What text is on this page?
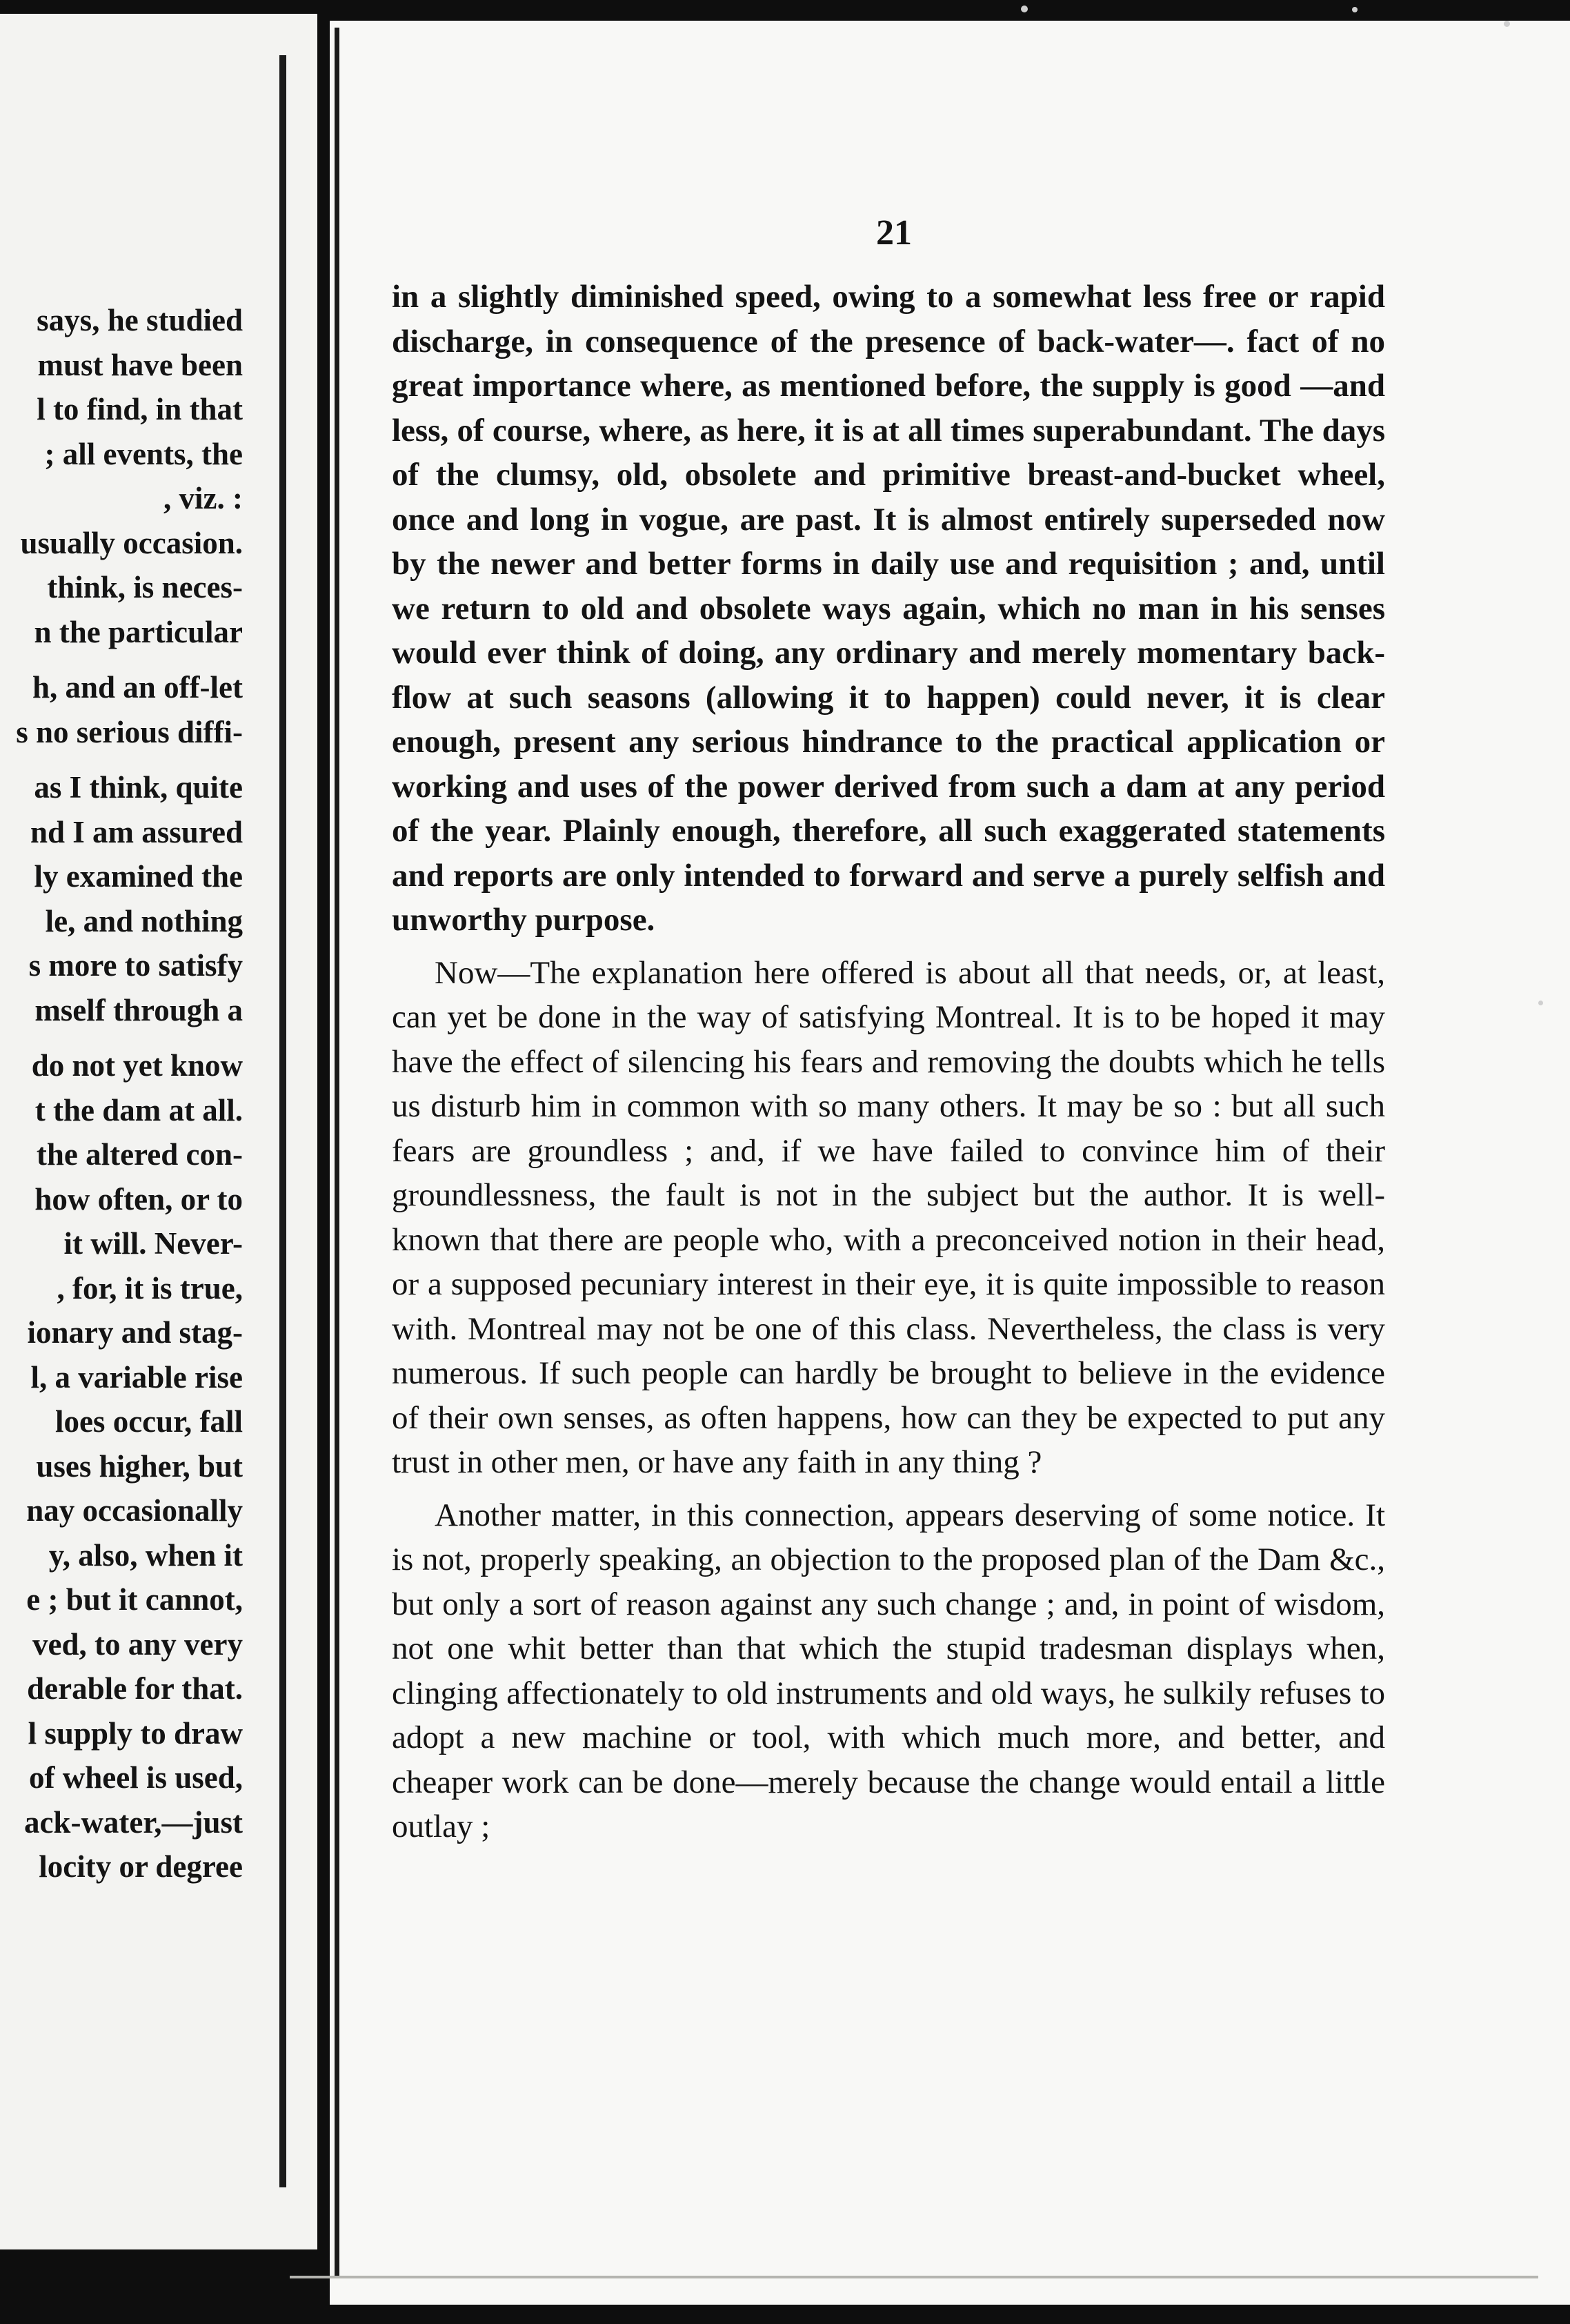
says, he studied
must have been
l to find, in that
; all events, the
, viz. :
usually occasion.
think, is neces-
n the particular
h, and an off-let
s no serious diffi-
as I think, quite
nd I am assured
ly examined the
le, and nothing
s more to satisfy
mself through a
do not yet know
t the dam at all.
the altered con-
how often, or to
it will. Never-
, for, it is true,
ionary and stag-
l, a variable rise
loes occur, fall
uses higher, but
nay occasionally
y, also, when it
e ; but it cannot,
ved, to any very
derable for that.
l supply to draw
of wheel is used,
ack-water,—just
locity or degree
21

in a slightly diminished speed, owing to a somewhat less free or rapid discharge, in consequence of the presence of back-water—. fact of no great importance where, as mentioned before, the supply is good —and less, of course, where, as here, it is at all times superabundant. The days of the clumsy, old, obsolete and primitive breast-and-bucket wheel, once and long in vogue, are past. It is almost entirely superseded now by the newer and better forms in daily use and requisition ; and, until we return to old and obsolete ways again, which no man in his senses would ever think of doing, any ordinary and merely momentary back-flow at such seasons (allowing it to happen) could never, it is clear enough, present any serious hindrance to the practical application or working and uses of the power derived from such a dam at any period of the year. Plainly enough, therefore, all such exaggerated statements and reports are only intended to forward and serve a purely selfish and unworthy purpose.

Now—The explanation here offered is about all that needs, or, at least, can yet be done in the way of satisfying Montreal. It is to be hoped it may have the effect of silencing his fears and removing the doubts which he tells us disturb him in common with so many others. It may be so : but all such fears are groundless ; and, if we have failed to convince him of their groundlessness, the fault is not in the subject but the author. It is well-known that there are people who, with a preconceived notion in their head, or a supposed pecuniary interest in their eye, it is quite impossible to reason with. Montreal may not be one of this class. Nevertheless, the class is very numerous. If such people can hardly be brought to believe in the evidence of their own senses, as often happens, how can they be expected to put any trust in other men, or have any faith in any thing ?

Another matter, in this connection, appears deserving of some notice. It is not, properly speaking, an objection to the proposed plan of the Dam &c., but only a sort of reason against any such change ; and, in point of wisdom, not one whit better than that which the stupid tradesman displays when, clinging affectionately to old instruments and old ways, he sulkily refuses to adopt a new machine or tool, with which much more, and better, and cheaper work can be done—merely because the change would entail a little outlay ;
